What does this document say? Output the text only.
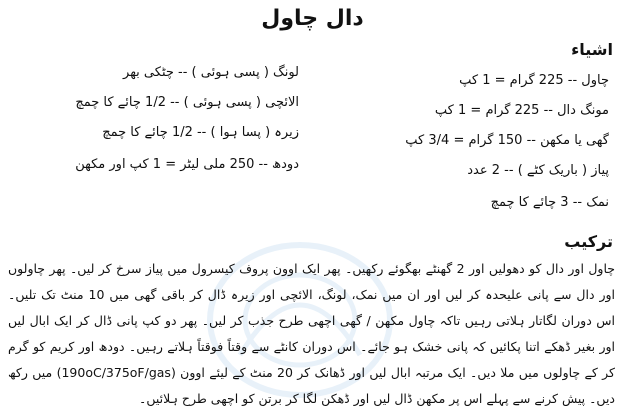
دال چاول
اشیاء
چاول ‏-- 225 گرام = 1 کپ
مونگ دال ‏-- 225 گرام = 1 کپ
گھی یا مکھن ‏-- 150 گرام = 3/4 کپ
پیاز ( باریک کٹے ) ‏-- 2 عدد
نمک ‏-- 3 چائے کا چمچ
لونگ ( پسی ہوئی ) ‏-- چٹکی بھر
الائچی ( پسی ہوئی ) ‏-- 1/2 چائے کا چمچ
زیرہ ( پسا ہوا ) ‏-- 1/2 چائے کا چمچ
دودھ ‏-- 250 ملی لیٹر = 1 کپ اور مکھن
ترکیب

چاول اور دال کو دھولیں اور 2 گھنٹے بھگوئے رکھیں۔ پھر ایک اوون پروف کیسرول میں پیاز سرخ کر لیں۔ پھر چاولوں اور دال سے پانی علیحدہ کر لیں اور ان میں نمک، لونگ، الائچی اور زیرہ ڈال کر باقی گھی میں 10 منٹ تک تلیں۔ اس دوران لگاتار ہلاتی رہیں تاکہ چاول مکھن / گھی اچھی طرح جذب کر لیں۔ پھر دو کپ پانی ڈال کر ایک ابال لیں اور بغیر ڈھکے اتنا پکائیں کہ پانی خشک ہو جائے۔ اس دوران کانٹے سے وقتاً فوقتاً ہلاتے رہیں۔ دودھ اور کریم کو گرم کر کے چاولوں میں ملا دیں۔ ایک مرتبہ ابال لیں اور ڈھانک کر 20 منٹ کے لیئے اوون (190oC/375oF/gas) میں رکھ دیں۔ پیش کرنے سے پہلے اس پر مکھن ڈال لیں اور ڈھکن لگا کر برتن کو اچھی طرح ہلائیں۔
